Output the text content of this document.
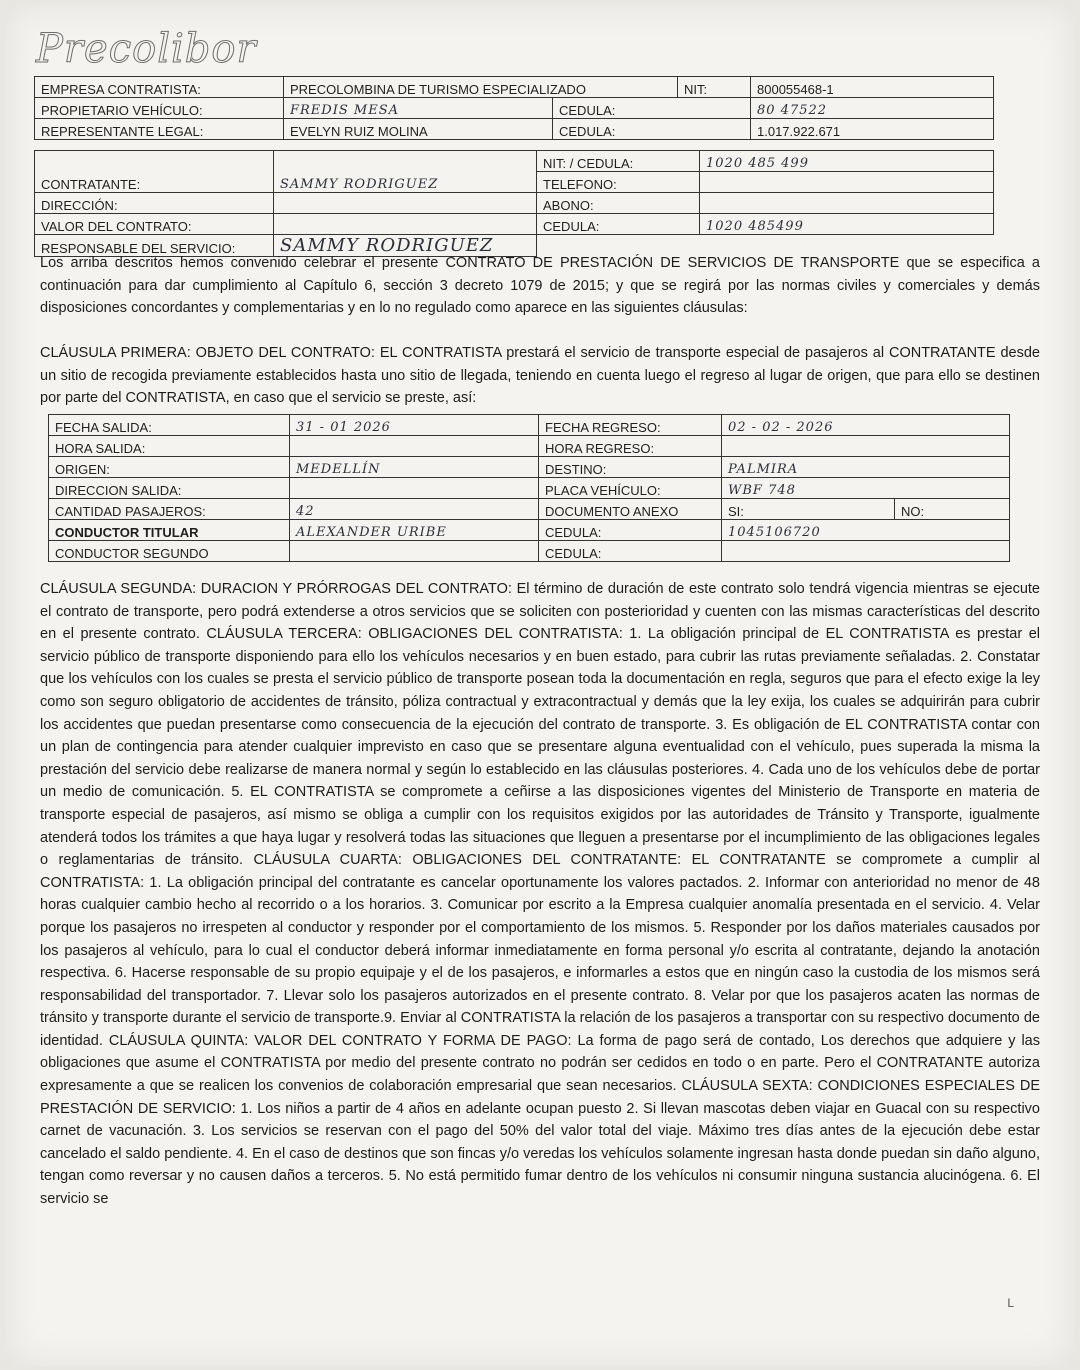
Precolibor
EMPRESA CONTRATISTA:	PRECOLOMBINA DE TURISMO ESPECIALIZADO		NIT:	800055468-1
PROPIETARIO VEHÍCULO:	FREDIS MESA	CEDULA:		80 47522
REPRESENTANTE LEGAL:	EVELYN RUIZ MOLINA	CEDULA:		1.017.922.671
CONTRATANTE:	SAMMY RODRIGUEZ	NIT: / CEDULA:	1020 485 499
		TELEFONO:	
DIRECCIÓN:		ABONO:	
VALOR DEL CONTRATO:		CEDULA:	1020 485499
RESPONSABLE DEL SERVICIO:	SAMMY RODRIGUEZ		
Los arriba descritos hemos convenido celebrar el presente CONTRATO DE PRESTACIÓN DE SERVICIOS DE TRANSPORTE que se especifica a continuación para dar cumplimiento al Capítulo 6, sección 3 decreto 1079 de 2015; y que se regirá por las normas civiles y comerciales y demás disposiciones concordantes y complementarias y en lo no regulado como aparece en las siguientes cláusulas:
CLÁUSULA PRIMERA: OBJETO DEL CONTRATO: EL CONTRATISTA prestará el servicio de transporte especial de pasajeros al CONTRATANTE desde un sitio de recogida previamente establecidos hasta uno sitio de llegada, teniendo en cuenta luego el regreso al lugar de origen, que para ello se destinen por parte del CONTRATISTA, en caso que el servicio se preste, así:
FECHA SALIDA:	31 - 01 2026	FECHA REGRESO:	02 - 02 - 2026	
HORA SALIDA:		HORA REGRESO:		
ORIGEN:	MEDELLÍN	DESTINO:	PALMIRA	
DIRECCION SALIDA:		PLACA VEHÍCULO:	WBF 748	
CANTIDAD PASAJEROS:	42	DOCUMENTO ANEXO	SI:	NO:
CONDUCTOR TITULAR	ALEXANDER URIBE	CEDULA:	1045106720	
CONDUCTOR SEGUNDO		CEDULA:		
CLÁUSULA SEGUNDA: DURACION Y PRÓRROGAS DEL CONTRATO: El término de duración de este contrato solo tendrá vigencia mientras se ejecute el contrato de transporte, pero podrá extenderse a otros servicios que se soliciten con posterioridad y cuenten con las mismas características del descrito en el presente contrato. CLÁUSULA TERCERA: OBLIGACIONES DEL CONTRATISTA: 1. La obligación principal de EL CONTRATISTA es prestar el servicio público de transporte disponiendo para ello los vehículos necesarios y en buen estado, para cubrir las rutas previamente señaladas. 2. Constatar que los vehículos con los cuales se presta el servicio público de transporte posean toda la documentación en regla, seguros que para el efecto exige la ley como son seguro obligatorio de accidentes de tránsito, póliza contractual y extracontractual y demás que la ley exija, los cuales se adquirirán para cubrir los accidentes que puedan presentarse como consecuencia de la ejecución del contrato de transporte. 3. Es obligación de EL CONTRATISTA contar con un plan de contingencia para atender cualquier imprevisto en caso que se presentare alguna eventualidad con el vehículo, pues superada la misma la prestación del servicio debe realizarse de manera normal y según lo establecido en las cláusulas posteriores. 4. Cada uno de los vehículos debe de portar un medio de comunicación. 5. EL CONTRATISTA se compromete a ceñirse a las disposiciones vigentes del Ministerio de Transporte en materia de transporte especial de pasajeros, así mismo se obliga a cumplir con los requisitos exigidos por las autoridades de Tránsito y Transporte, igualmente atenderá todos los trámites a que haya lugar y resolverá todas las situaciones que lleguen a presentarse por el incumplimiento de las obligaciones legales o reglamentarias de tránsito. CLÁUSULA CUARTA: OBLIGACIONES DEL CONTRATANTE: EL CONTRATANTE se compromete a cumplir al CONTRATISTA: 1. La obligación principal del contratante es cancelar oportunamente los valores pactados. 2. Informar con anterioridad no menor de 48 horas cualquier cambio hecho al recorrido o a los horarios. 3. Comunicar por escrito a la Empresa cualquier anomalía presentada en el servicio. 4. Velar porque los pasajeros no irrespeten al conductor y responder por el comportamiento de los mismos. 5. Responder por los daños materiales causados por los pasajeros al vehículo, para lo cual el conductor deberá informar inmediatamente en forma personal y/o escrita al contratante, dejando la anotación respectiva. 6. Hacerse responsable de su propio equipaje y el de los pasajeros, e informarles a estos que en ningún caso la custodia de los mismos será responsabilidad del transportador. 7. Llevar solo los pasajeros autorizados en el presente contrato. 8. Velar por que los pasajeros acaten las normas de tránsito y transporte durante el servicio de transporte.9. Enviar al CONTRATISTA la relación de los pasajeros a transportar con su respectivo documento de identidad. CLÁUSULA QUINTA: VALOR DEL CONTRATO Y FORMA DE PAGO: La forma de pago será de contado, Los derechos que adquiere y las obligaciones que asume el CONTRATISTA por medio del presente contrato no podrán ser cedidos en todo o en parte. Pero el CONTRATANTE autoriza expresamente a que se realicen los convenios de colaboración empresarial que sean necesarios. CLÁUSULA SEXTA: CONDICIONES ESPECIALES DE PRESTACIÓN DE SERVICIO: 1. Los niños a partir de 4 años en adelante ocupan puesto 2. Si llevan mascotas deben viajar en Guacal con su respectivo carnet de vacunación. 3. Los servicios se reservan con el pago del 50% del valor total del viaje. Máximo tres días antes de la ejecución debe estar cancelado el saldo pendiente. 4. En el caso de destinos que son fincas y/o veredas los vehículos solamente ingresan hasta donde puedan sin daño alguno, tengan como reversar y no causen daños a terceros. 5. No está permitido fumar dentro de los vehículos ni consumir ninguna sustancia alucinógena. 6. El servicio se
L
